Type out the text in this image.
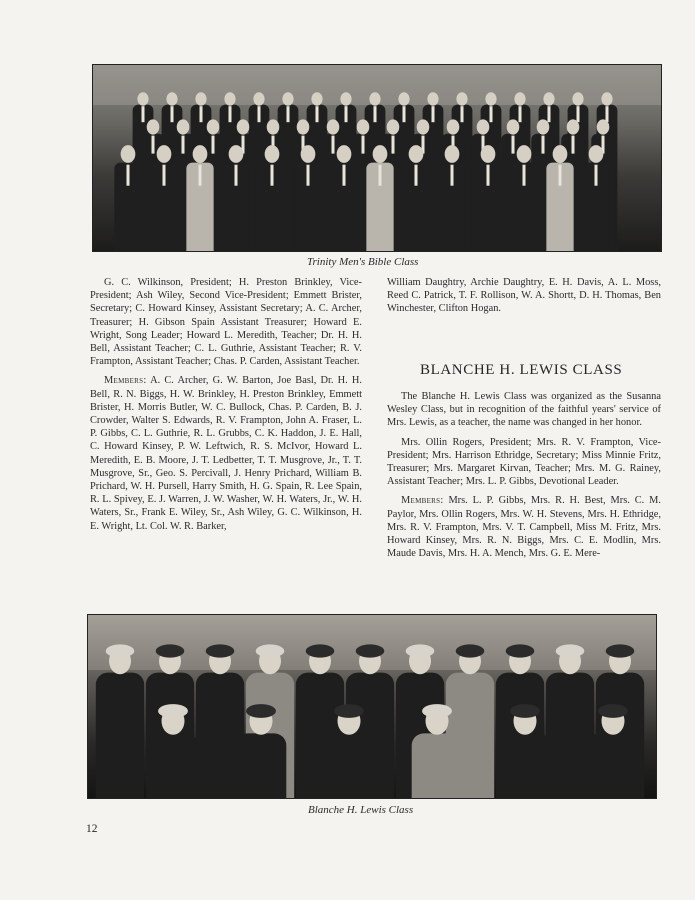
Trinity Men's Bible Class

G. C. Wilkinson, President; H. Preston Brinkley, Vice-President; Ash Wiley, Second Vice-President; Emmett Brister, Secretary; C. Howard Kinsey, Assistant Secretary; A. C. Archer, Treasurer; H. Gibson Spain Assistant Treasurer; Howard E. Wright, Song Leader; Howard L. Meredith, Teacher; Dr. H. H. Bell, Assistant Teacher; C. L. Guthrie, Assistant Teacher; R. V. Frampton, Assistant Teacher; Chas. P. Carden, Assistant Teacher.

Members: A. C. Archer, G. W. Barton, Joe Basl, Dr. H. H. Bell, R. N. Biggs, H. W. Brinkley, H. Preston Brinkley, Emmett Brister, H. Morris Butler, W. C. Bullock, Chas. P. Carden, B. J. Crowder, Walter S. Edwards, R. V. Frampton, John A. Fraser, L. P. Gibbs, C. L. Guthrie, R. L. Grubbs, C. K. Haddon, J. E. Hall, C. Howard Kinsey, P. W. Leftwich, R. S. McIvor, Howard L. Meredith, E. B. Moore, J. T. Ledbetter, T. T. Musgrove, Jr., T. T. Musgrove, Sr., Geo. S. Percivall, J. Henry Prichard, William B. Prichard, W. H. Pursell, Harry Smith, H. G. Spain, R. Lee Spain, R. L. Spivey, E. J. Warren, J. W. Washer, W. H. Waters, Jr., W. H. Waters, Sr., Frank E. Wiley, Sr., Ash Wiley, G. C. Wilkinson, H. E. Wright, Lt. Col. W. R. Barker,

William Daughtry, Archie Daughtry, E. H. Davis, A. L. Moss, Reed C. Patrick, T. F. Rollison, W. A. Shortt, D. H. Thomas, Ben Winchester, Clifton Hogan.

BLANCHE H. LEWIS CLASS

The Blanche H. Lewis Class was organized as the Susanna Wesley Class, but in recognition of the faithful years' service of Mrs. Lewis, as a teacher, the name was changed in her honor.

Mrs. Ollin Rogers, President; Mrs. R. V. Frampton, Vice-President; Mrs. Harrison Ethridge, Secretary; Miss Minnie Fritz, Treasurer; Mrs. Margaret Kirvan, Teacher; Mrs. M. G. Rainey, Assistant Teacher; Mrs. L. P. Gibbs, Devotional Leader.

Members: Mrs. L. P. Gibbs, Mrs. R. H. Best, Mrs. C. M. Paylor, Mrs. Ollin Rogers, Mrs. W. H. Stevens, Mrs. H. Ethridge, Mrs. R. V. Frampton, Mrs. V. T. Campbell, Miss M. Fritz, Mrs. Howard Kinsey, Mrs. R. N. Biggs, Mrs. C. E. Modlin, Mrs. Maude Davis, Mrs. H. A. Mench, Mrs. G. E. Mere-

Blanche H. Lewis Class
12
